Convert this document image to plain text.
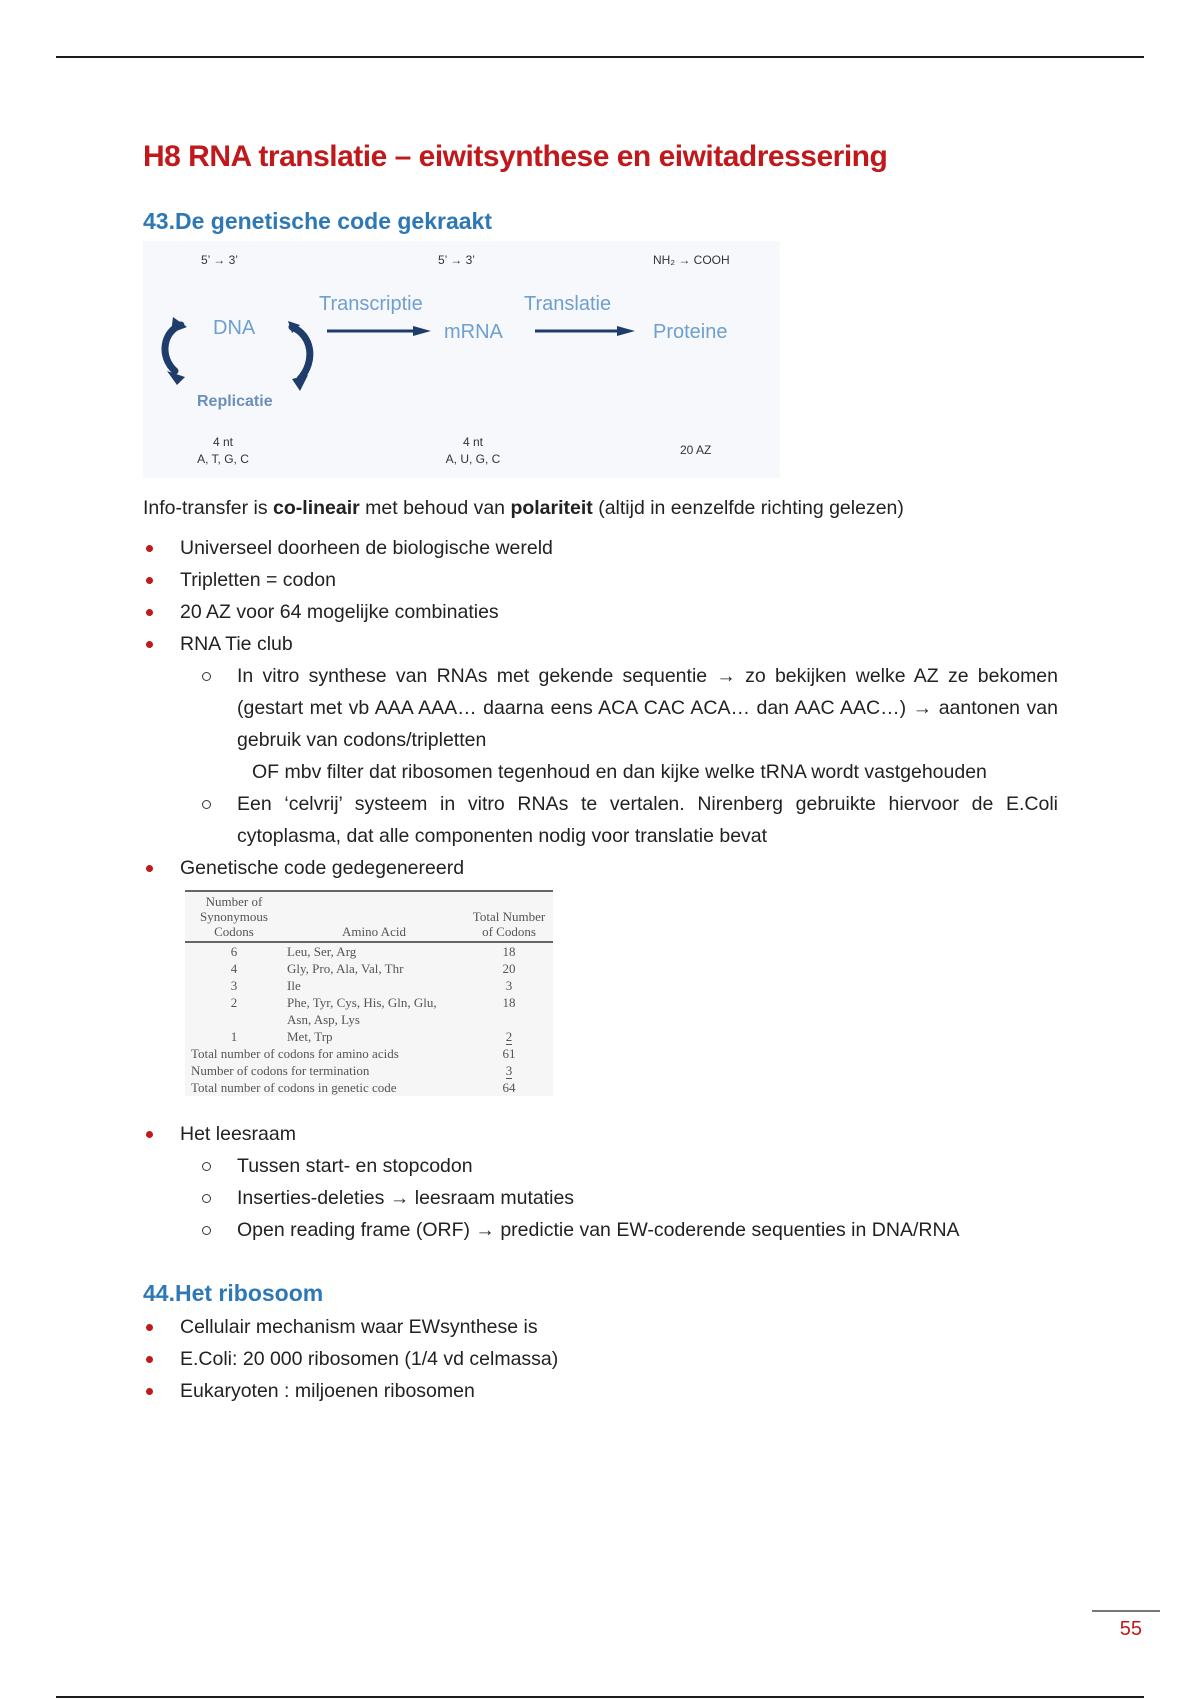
H8 RNA translatie – eiwitsynthese en eiwitadressering
43.De genetische code gekraakt
5’ → 3’	5’ → 3’	NH₂ → COOH
DNA
Replicatie
Transcriptie
mRNA
Translatie
Proteine
4 nt
A, T, G, C
4 nt
A, U, G, C
20 AZ

Info-transfer is co-lineair met behoud van polariteit (altijd in eenzelfde richting gelezen)

Universeel doorheen de biologische wereld
Tripletten = codon
20 AZ voor 64 mogelijke combinaties
RNA Tie club
In vitro synthese van RNAs met gekende sequentie → zo bekijken welke AZ ze bekomen (gestart met vb AAA AAA… daarna eens ACA CAC ACA… dan AAC AAC…) → aantonen van gebruik van codons/tripletten
OF mbv filter dat ribosomen tegenhoud en dan kijke welke tRNA wordt vastgehouden
Een ‘celvrij’ systeem in vitro RNAs te vertalen. Nirenberg gebruikte hiervoor de E.Coli cytoplasma, dat alle componenten nodig voor translatie bevat
Genetische code gedegenereerd
Number of Synonymous Codons	Amino Acid	Total Number of Codons
6	Leu, Ser, Arg	18
4	Gly, Pro, Ala, Val, Thr	20
3	Ile	3
2	Phe, Tyr, Cys, His, Gln, Glu, Asn, Asp, Lys	18
1	Met, Trp	2
Total number of codons for amino acids		61
Number of codons for termination		3
Total number of codons in genetic code		64
Het leesraam
Tussen start- en stopcodon
Inserties-deleties → leesraam mutaties
Open reading frame (ORF) → predictie van EW-coderende sequenties in DNA/RNA
44.Het ribosoom
Cellulair mechanism waar EWsynthese is
E.Coli: 20 000 ribosomen (1/4 vd celmassa)
Eukaryoten : miljoenen ribosomen
55
